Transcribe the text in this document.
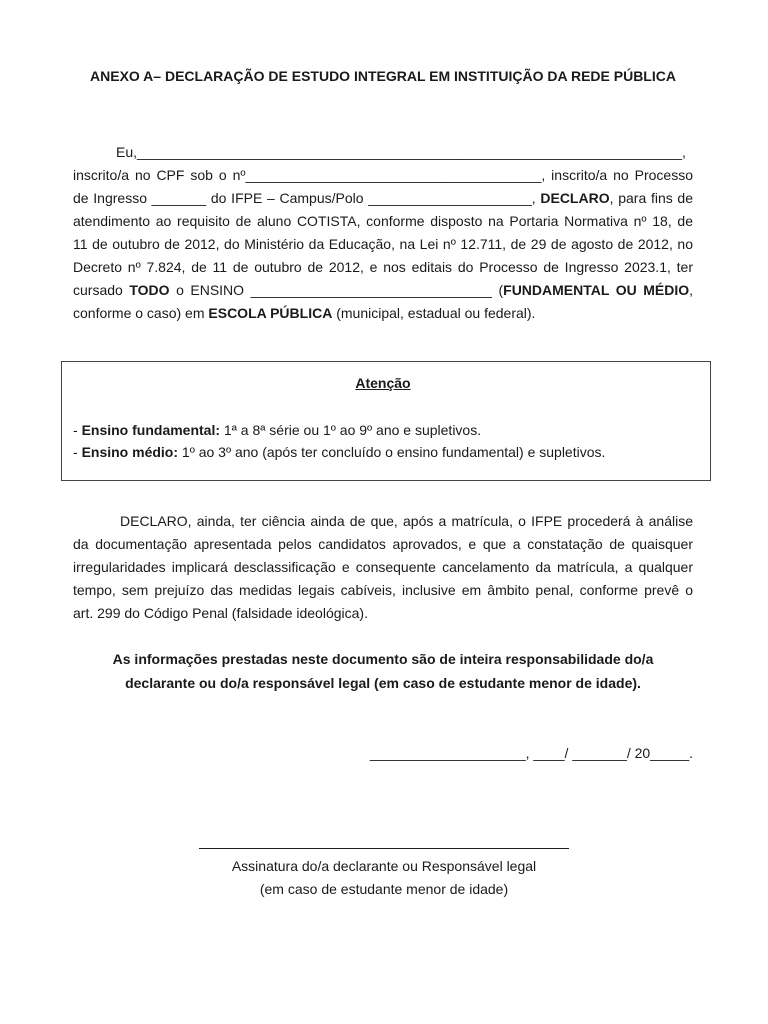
ANEXO A– DECLARAÇÃO DE ESTUDO INTEGRAL EM INSTITUIÇÃO DA REDE PÚBLICA
Eu,______________________________________________________________________,
inscrito/a no CPF sob o nº______________________________________, inscrito/a no Processo
de Ingresso _______ do IFPE – Campus/Polo _____________________, DECLARO, para fins de
atendimento ao requisito de aluno COTISTA, conforme disposto na Portaria Normativa nº 18, de
11 de outubro de 2012, do Ministério da Educação, na Lei nº 12.711, de 29 de agosto de 2012, no
Decreto nº 7.824, de 11 de outubro de 2012, e nos editais do Processo de Ingresso 2023.1, ter
cursado TODO o ENSINO _______________________________ (FUNDAMENTAL OU MÉDIO,
conforme o caso) em ESCOLA PÚBLICA (municipal, estadual ou federal).
Atenção
- Ensino fundamental: 1ª a 8ª série ou 1º ao 9º ano e supletivos.
- Ensino médio: 1º ao 3º ano (após ter concluído o ensino fundamental) e supletivos.
DECLARO, ainda, ter ciência ainda de que, após a matrícula, o IFPE procederá à análise
da documentação apresentada pelos candidatos aprovados, e que a constatação de quaisquer
irregularidades implicará desclassificação e consequente cancelamento da matrícula, a qualquer
tempo, sem prejuízo das medidas legais cabíveis, inclusive em âmbito penal, conforme prevê o
art. 299 do Código Penal (falsidade ideológica).
As informações prestadas neste documento são de inteira responsabilidade do/a
declarante ou do/a responsável legal (em caso de estudante menor de idade).
____________________, ____/ _______/ 20_____.
Assinatura do/a declarante ou Responsável legal
(em caso de estudante menor de idade)
